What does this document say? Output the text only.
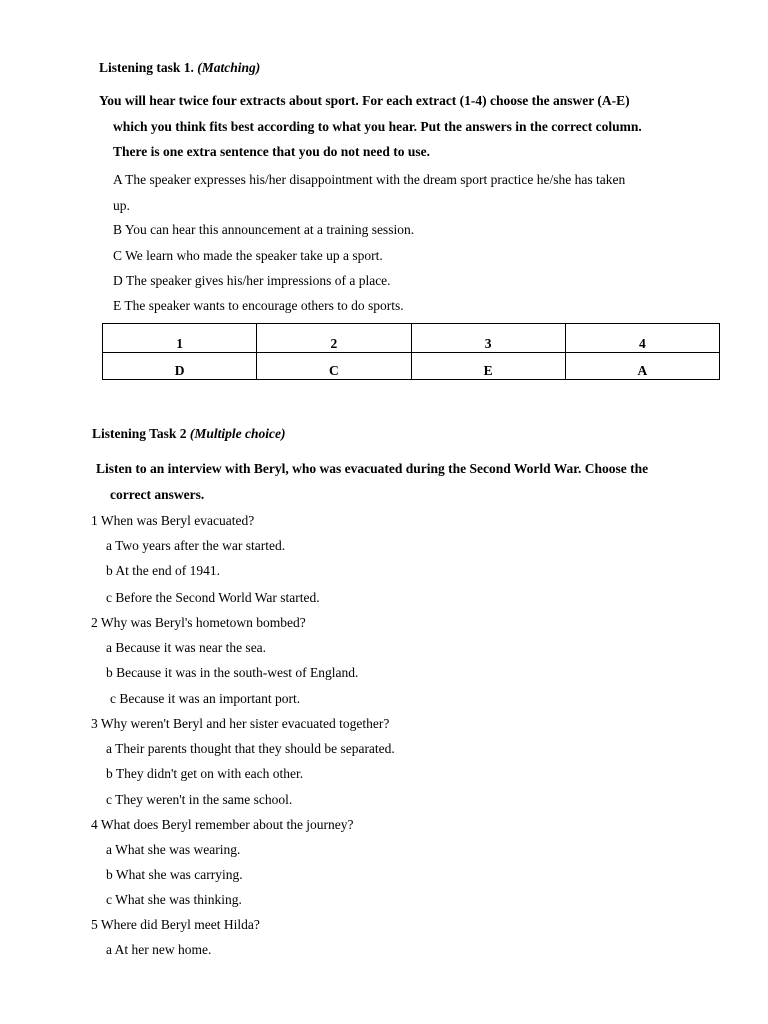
Listening task 1. (Matching)
You will hear twice four extracts about sport. For each extract (1-4) choose the answer (A-E)
which you think fits best according to what you hear. Put the answers in the correct column.
There is one extra sentence that you do not need to use.
A The speaker expresses his/her disappointment with the dream sport practice he/she has taken
up.
B You can hear this announcement at a training session.
C We learn who made the speaker take up a sport.
D The speaker gives his/her impressions of a place.
E The speaker wants to encourage others to do sports.
1	2	3	4
D	C	E	A
Listening Task 2 (Multiple choice)
Listen to an interview with Beryl, who was evacuated during the Second World War. Choose the
correct answers.
1 When was Beryl evacuated?
a Two years after the war started.
b At the end of 1941.
c Before the Second World War started.
2 Why was Beryl's hometown bombed?
a Because it was near the sea.
b Because it was in the south-west of England.
c Because it was an important port.
3 Why weren't Beryl and her sister evacuated together?
a Their parents thought that they should be separated.
b They didn't get on with each other.
c They weren't in the same school.
4 What does Beryl remember about the journey?
a What she was wearing.
b What she was carrying.
c What she was thinking.
5 Where did Beryl meet Hilda?
a At her new home.
